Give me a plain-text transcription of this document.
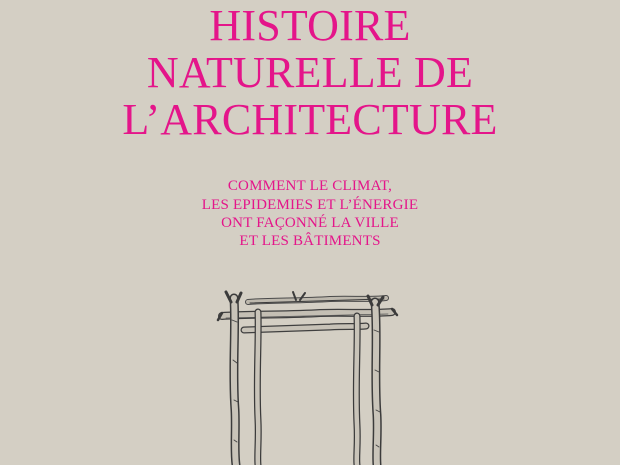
HISTOIRE
NATURELLE DE
L’ARCHITECTURE
COMMENT LE CLIMAT,
LES EPIDEMIES ET L’ÉNERGIE
ONT FAÇONNÉ LA VILLE
ET LES BÂTIMENTS
